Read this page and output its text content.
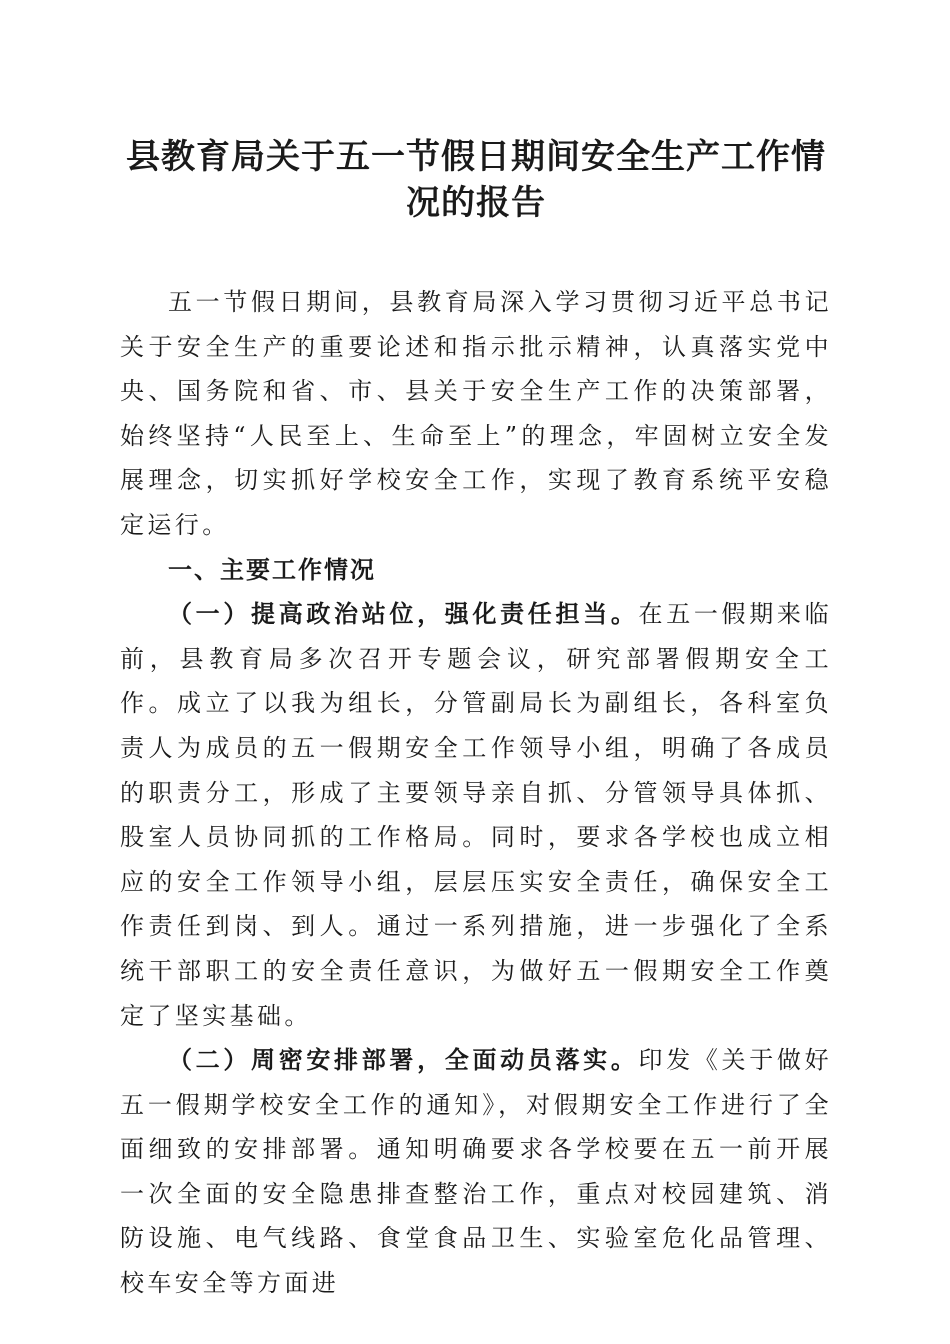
县教育局关于五一节假日期间安全生产工作情况的报告

五一节假日期间，县教育局深入学习贯彻习近平总书记关于安全生产的重要论述和指示批示精神，认真落实党中央、国务院和省、市、县关于安全生产工作的决策部署，始终坚持“人民至上、生命至上”的理念，牢固树立安全发展理念，切实抓好学校安全工作，实现了教育系统平安稳定运行。

一、主要工作情况

（一）提高政治站位，强化责任担当。在五一假期来临前，县教育局多次召开专题会议，研究部署假期安全工作。成立了以我为组长，分管副局长为副组长，各科室负责人为成员的五一假期安全工作领导小组，明确了各成员的职责分工，形成了主要领导亲自抓、分管领导具体抓、股室人员协同抓的工作格局。同时，要求各学校也成立相应的安全工作领导小组，层层压实安全责任，确保安全工作责任到岗、到人。通过一系列措施，进一步强化了全系统干部职工的安全责任意识，为做好五一假期安全工作奠定了坚实基础。

（二）周密安排部署，全面动员落实。印发《关于做好五一假期学校安全工作的通知》，对假期安全工作进行了全面细致的安排部署。通知明确要求各学校要在五一前开展一次全面的安全隐患排查整治工作，重点对校园建筑、消防设施、电气线路、食堂食品卫生、实验室危化品管理、校车安全等方面进
